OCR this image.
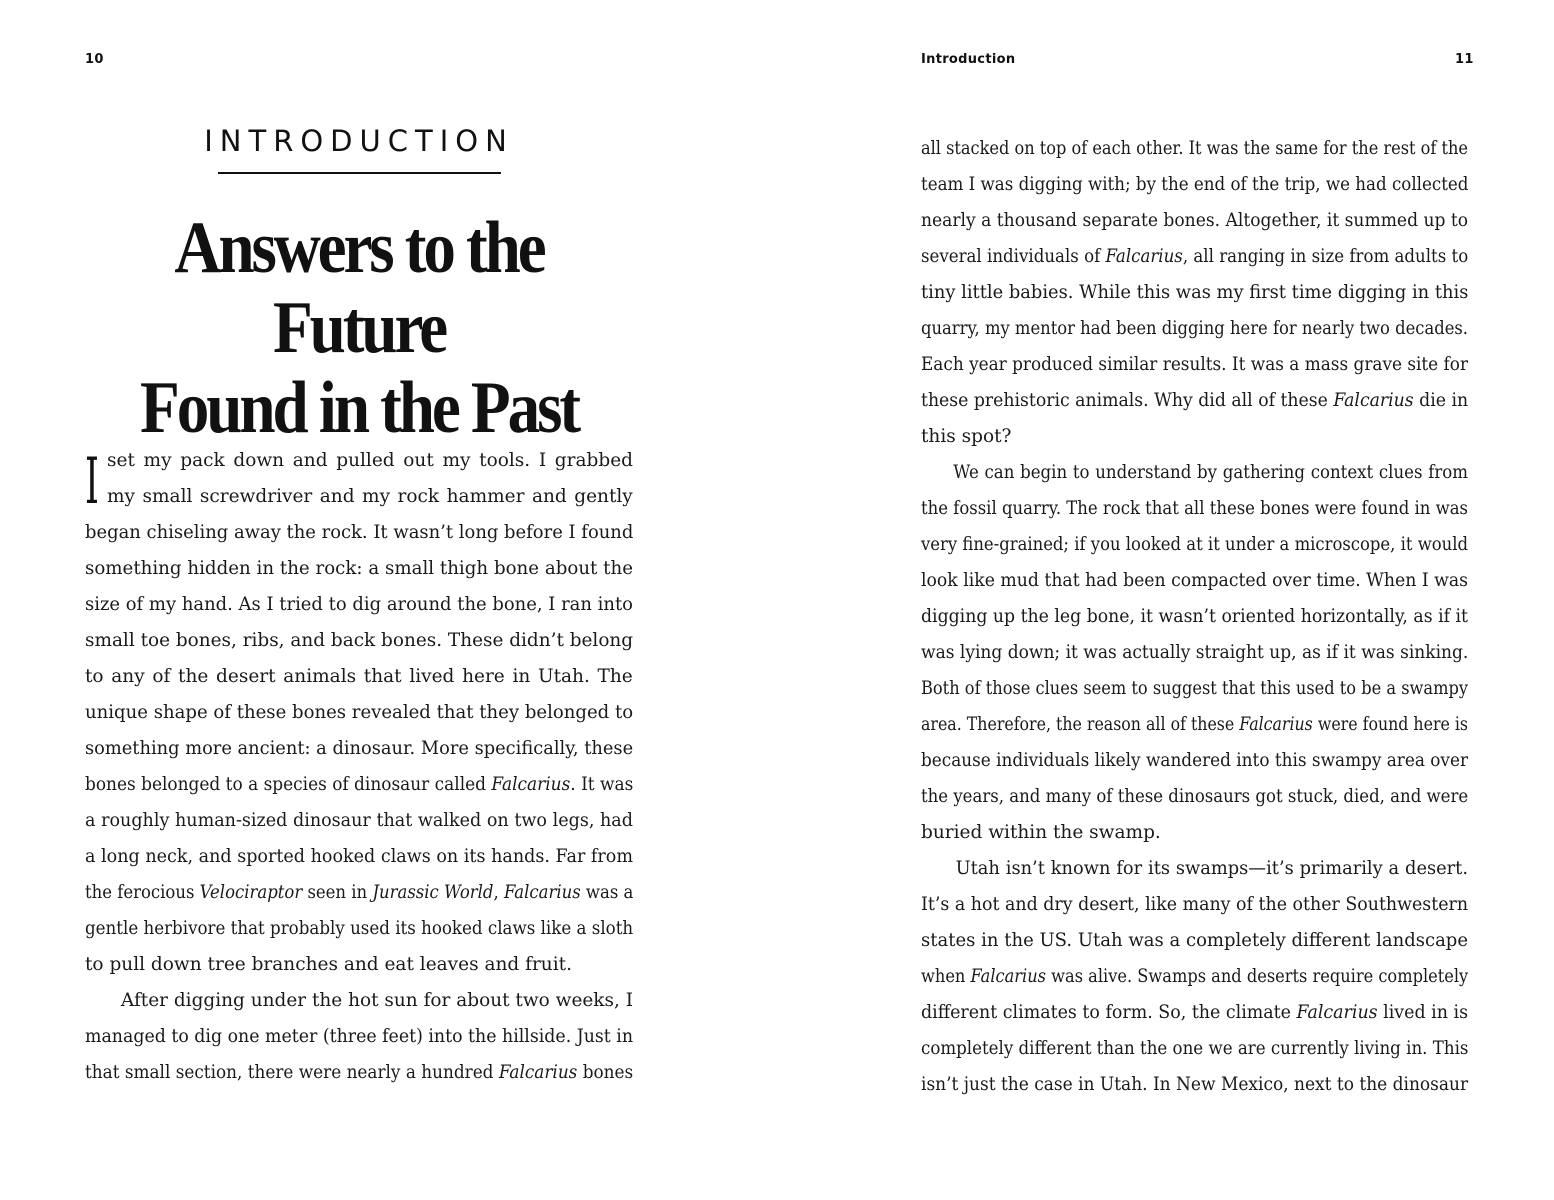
10
INTRODUCTION
Answers to the Future
Found in the Past
I set my pack down and pulled out my tools. I grabbed
my small screwdriver and my rock hammer and gently
began chiseling away the rock. It wasn’t long before I found
something hidden in the rock: a small thigh bone about the
size of my hand. As I tried to dig around the bone, I ran into
small toe bones, ribs, and back bones. These didn’t belong
to any of the desert animals that lived here in Utah. The
unique shape of these bones revealed that they belonged to
something more ancient: a dinosaur. More specifically, these
bones belonged to a species of dinosaur called Falcarius. It was
a roughly human-sized dinosaur that walked on two legs, had
a long neck, and sported hooked claws on its hands. Far from
the ferocious Velociraptor seen in Jurassic World, Falcarius was a
gentle herbivore that probably used its hooked claws like a sloth
to pull down tree branches and eat leaves and fruit.
After digging under the hot sun for about two weeks, I
managed to dig one meter (three feet) into the hillside. Just in
that small section, there were nearly a hundred Falcarius bones
Introduction	11
all stacked on top of each other. It was the same for the rest of the
team I was digging with; by the end of the trip, we had collected
nearly a thousand separate bones. Altogether, it summed up to
several individuals of Falcarius, all ranging in size from adults to
tiny little babies. While this was my first time digging in this
quarry, my mentor had been digging here for nearly two decades.
Each year produced similar results. It was a mass grave site for
these prehistoric animals. Why did all of these Falcarius die in
this spot?
We can begin to understand by gathering context clues from
the fossil quarry. The rock that all these bones were found in was
very fine-grained; if you looked at it under a microscope, it would
look like mud that had been compacted over time. When I was
digging up the leg bone, it wasn’t oriented horizontally, as if it
was lying down; it was actually straight up, as if it was sinking.
Both of those clues seem to suggest that this used to be a swampy
area. Therefore, the reason all of these Falcarius were found here is
because individuals likely wandered into this swampy area over
the years, and many of these dinosaurs got stuck, died, and were
buried within the swamp.
Utah isn’t known for its swamps—it’s primarily a desert.
It’s a hot and dry desert, like many of the other Southwestern
states in the US. Utah was a completely different landscape
when Falcarius was alive. Swamps and deserts require completely
different climates to form. So, the climate Falcarius lived in is
completely different than the one we are currently living in. This
isn’t just the case in Utah. In New Mexico, next to the dinosaur
